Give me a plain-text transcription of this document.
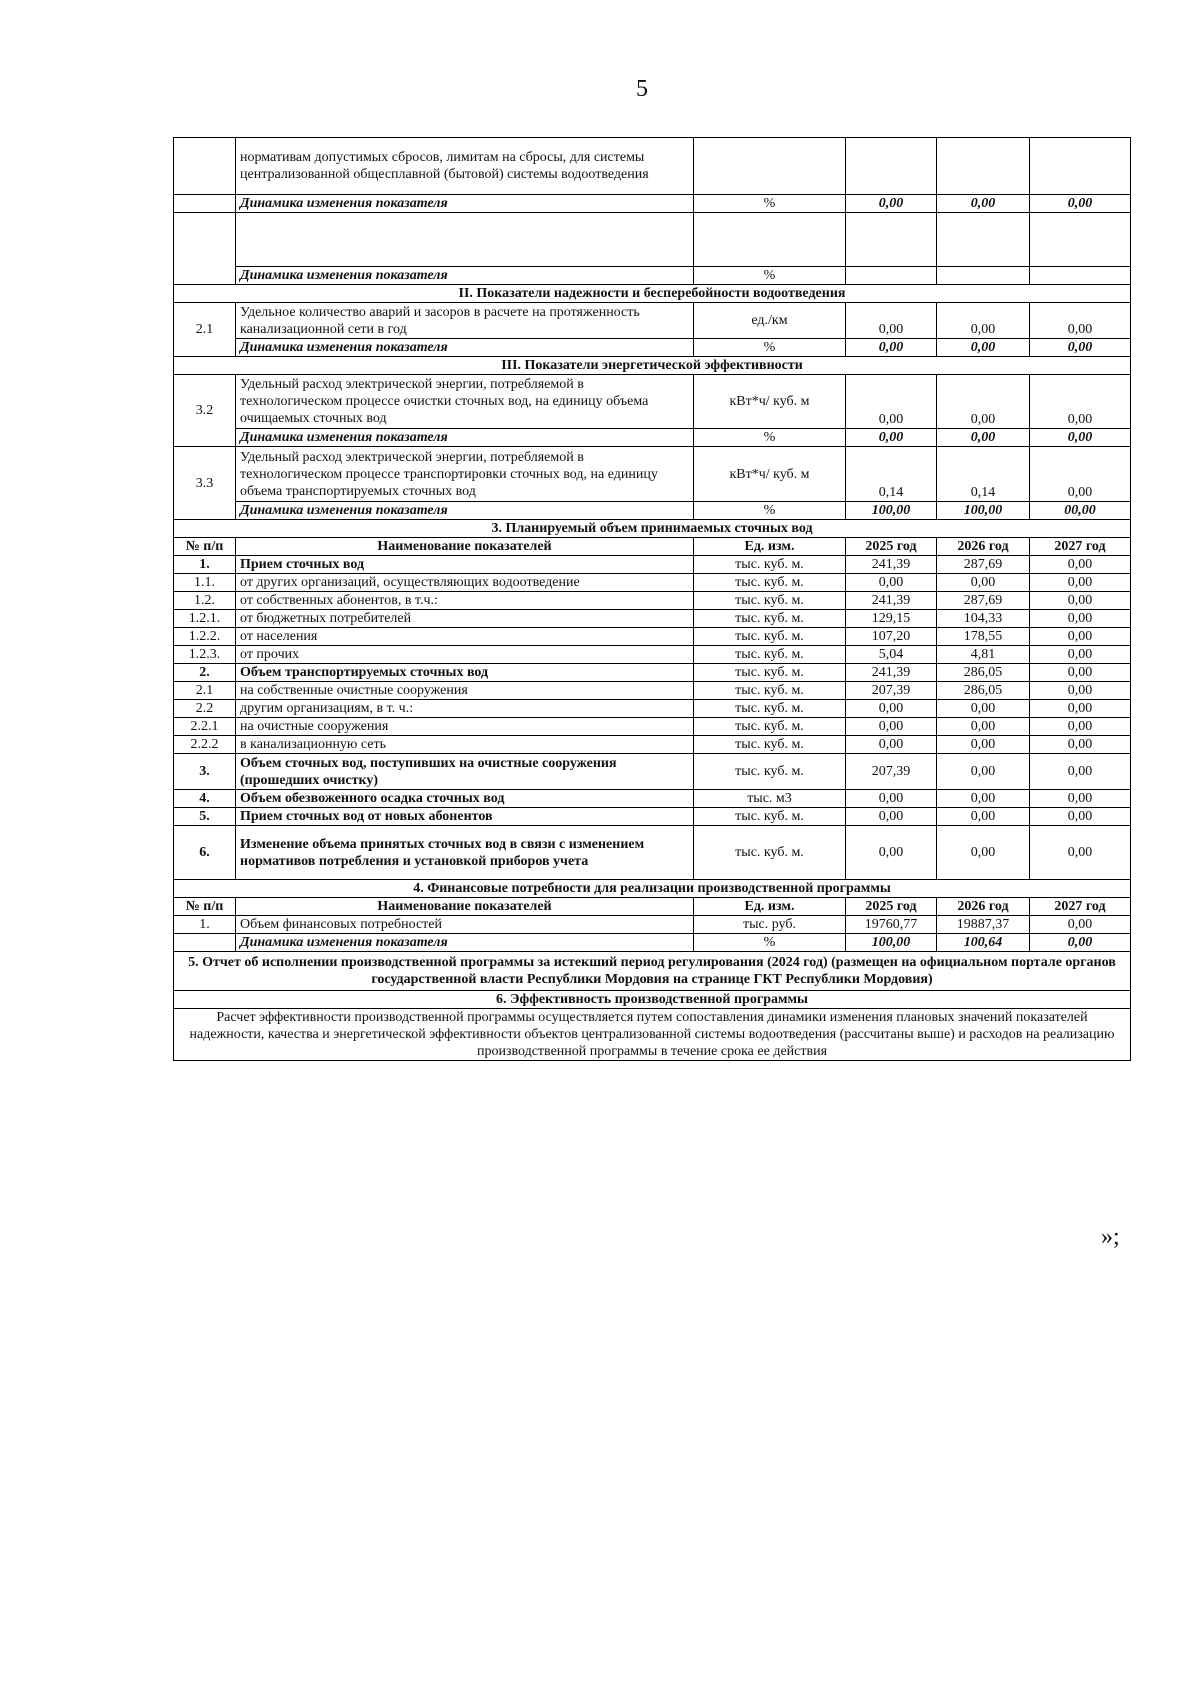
5
	нормативам допустимых сбросов, лимитам на сбросы, для системы централизованной общесплавной (бытовой) системы водоотведения				
	Динамика изменения показателя	%	0,00	0,00	0,00

	Динамика изменения показателя	%			
II. Показатели надежности и бесперебойности водоотведения					
2.1	Удельное количество аварий и засоров в расчете на протяженность канализационной сети в год	ед./км	0,00	0,00	0,00
	Динамика изменения показателя	%	0,00	0,00	0,00
III. Показатели энергетической эффективности					
3.2	Удельный расход электрической энергии, потребляемой в технологическом процессе очистки сточных вод, на единицу объема очищаемых сточных вод	кВт*ч/ куб. м	0,00	0,00	0,00
	Динамика изменения показателя	%	0,00	0,00	0,00
3.3	Удельный расход электрической энергии, потребляемой в технологическом процессе транспортировки сточных вод, на единицу объема транспортируемых сточных вод	кВт*ч/ куб. м	0,14	0,14	0,00
	Динамика изменения показателя	%	100,00	100,00	00,00
3. Планируемый объем принимаемых сточных вод					
№ п/п	Наименование показателей	Ед. изм.	2025 год	2026 год	2027 год
1.	Прием сточных вод	тыс. куб. м.	241,39	287,69	0,00
1.1.	от других организаций, осуществляющих водоотведение	тыс. куб. м.	0,00	0,00	0,00
1.2.	от собственных абонентов, в т.ч.:	тыс. куб. м.	241,39	287,69	0,00
1.2.1.	от бюджетных потребителей	тыс. куб. м.	129,15	104,33	0,00
1.2.2.	от населения	тыс. куб. м.	107,20	178,55	0,00
1.2.3.	от прочих	тыс. куб. м.	5,04	4,81	0,00
2.	Объем транспортируемых сточных вод	тыс. куб. м.	241,39	286,05	0,00
2.1	на собственные очистные сооружения	тыс. куб. м.	207,39	286,05	0,00
2.2	другим организациям, в т. ч.:	тыс. куб. м.	0,00	0,00	0,00
2.2.1	на очистные сооружения	тыс. куб. м.	0,00	0,00	0,00
2.2.2	в канализационную сеть	тыс. куб. м.	0,00	0,00	0,00
3.	Объем сточных вод, поступивших на очистные сооружения (прошедших очистку)	тыс. куб. м.	207,39	0,00	0,00
4.	Объем обезвоженного осадка сточных вод	тыс. м3	0,00	0,00	0,00
5.	Прием сточных вод от новых абонентов	тыс. куб. м.	0,00	0,00	0,00
6.	Изменение объема принятых сточных вод в связи с изменением нормативов потребления и установкой приборов учета	тыс. куб. м.	0,00	0,00	0,00
4. Финансовые потребности для реализации производственной программы					
№ п/п	Наименование показателей	Ед. изм.	2025 год	2026 год	2027 год
1.	Объем финансовых потребностей	тыс. руб.	19760,77	19887,37	0,00
	Динамика изменения показателя	%	100,00	100,64	0,00
5. Отчет об исполнении производственной программы за истекший период регулирования (2024 год) (размещен на официальном портале органов государственной власти Республики Мордовия на странице ГКТ Республики Мордовия)					
6. Эффективность производственной программы					
Расчет эффективности производственной программы осуществляется путем сопоставления динамики изменения плановых значений показателей надежности, качества и энергетической эффективности объектов централизованной системы водоотведения (рассчитаны выше) и расходов на реализацию производственной программы в течение срока ее действия					
»;
